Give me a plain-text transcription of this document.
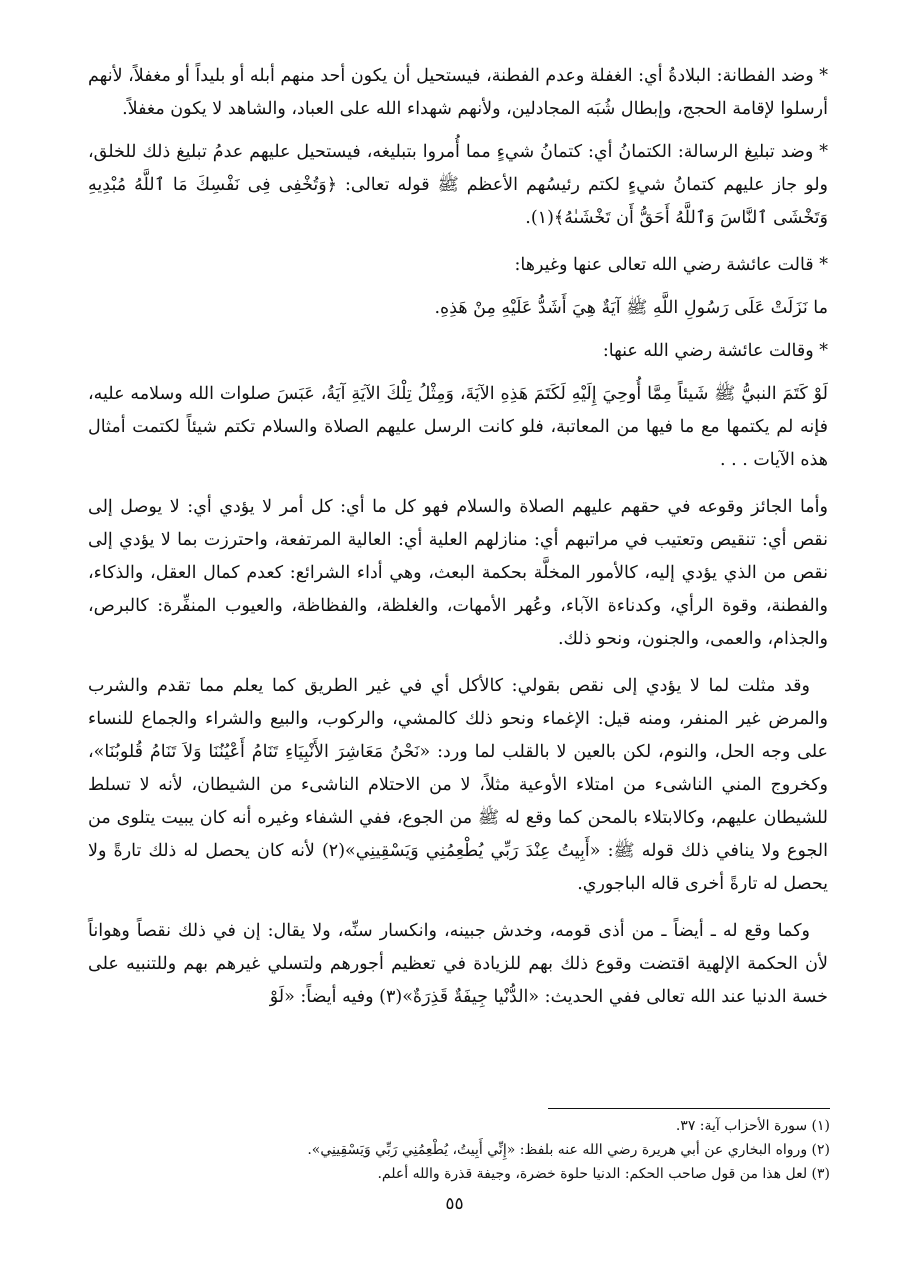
* وضد الفطانة: البلادةُ أي: الغفلة وعدم الفطنة، فيستحيل أن يكون أحد منهم أبله أو بليداً أو مغفلاً، لأنهم أرسلوا لإقامة الحجج، وإبطال شُبَه المجادلين، ولأنهم شهداء الله على العباد، والشاهد لا يكون مغفلاً.

* وضد تبليغ الرسالة: الكتمانُ أي: كتمانُ شيءٍ مما أُمروا بتبليغه، فيستحيل عليهم عدمُ تبليغ ذلك للخلق، ولو جاز عليهم كتمانُ شيءٍ لكتم رئيسُهم الأعظم ﷺ قوله تعالى: ﴿وَتُخْفِى فِى نَفْسِكَ مَا ٱللَّهُ مُبْدِيهِ وَتَخْشَى ٱلنَّاسَ وَٱللَّهُ أَحَقُّ أَن تَخْشَىٰهُ﴾(١).

* قالت عائشة رضي الله تعالى عنها وغيرها:

ما نَزَلَتْ عَلَى رَسُولِ اللَّهِ ﷺ آيَةٌ هِيَ أَشَدُّ عَلَيْهِ مِنْ هَذِهِ.

* وقالت عائشة رضي الله عنها:

لَوْ كَتَمَ النبيُّ ﷺ شَيئاً مِمَّا أُوحِيَ إِلَيْهِ لَكَتَمَ هَذِهِ الآيَةَ، وَمِثْلُ تِلْكَ الآيَةِ آيَةُ، عَبَسَ صلوات الله وسلامه عليه، فإنه لم يكتمها مع ما فيها من المعاتبة، فلو كانت الرسل عليهم الصلاة والسلام تكتم شيئاً لكتمت أمثال هذه الآيات . . .

وأما الجائز وقوعه في حقهم عليهم الصلاة والسلام فهو كل ما أي: كل أمر لا يؤدي أي: لا يوصل إلى نقص أي: تنقيص وتعتيب في مراتبهم أي: منازلهم العلية أي: العالية المرتفعة، واحترزت بما لا يؤدي إلى نقص من الذي يؤدي إليه، كالأمور المخلَّة بحكمة البعث، وهي أداء الشرائع: كعدم كمال العقل، والذكاء، والفطنة، وقوة الرأي، وكدناءة الآباء، وعُهر الأمهات، والغلظة، والفظاظة، والعيوب المنفِّرة: كالبرص، والجذام، والعمى، والجنون، ونحو ذلك.

وقد مثلت لما لا يؤدي إلى نقص بقولي: كالأكل أي في غير الطريق كما يعلم مما تقدم والشرب والمرض غير المنفر، ومنه قيل: الإغماء ونحو ذلك كالمشي، والركوب، والبيع والشراء والجماع للنساء على وجه الحل، والنوم، لكن بالعين لا بالقلب لما ورد: «نَحْنُ مَعَاشِرَ الأَنْبِيَاءِ تَنَامُ أَعْيُنُنَا وَلاَ تَنَامُ قُلوبُنَا»، وكخروج المني الناشىء من امتلاء الأوعية مثلاً، لا من الاحتلام الناشىء من الشيطان، لأنه لا تسلط للشيطان عليهم، وكالابتلاء بالمحن كما وقع له ﷺ من الجوع، ففي الشفاء وغيره أنه كان يبيت يتلوى من الجوع ولا ينافي ذلك قوله ﷺ: «أَبِيتُ عِنْدَ رَبِّي يُطْعِمُنِي وَيَسْقِينِي»(٢) لأنه كان يحصل له ذلك تارةً ولا يحصل له تارةً أخرى قاله الباجوري.

وكما وقع له ـ أيضاً ـ من أذى قومه، وخدش جبينه، وانكسار سنِّه، ولا يقال: إن في ذلك نقصاً وهواناً لأن الحكمة الإلهية اقتضت وقوع ذلك بهم للزيادة في تعظيم أجورهم ولتسلي غيرهم بهم وللتنبيه على خسة الدنيا عند الله تعالى ففي الحديث: «الدُّنْيا جِيفَةٌ قَذِرَةٌ»(٣) وفيه أيضاً: «لَوْ

(١) سورة الأحزاب آية: ٣٧.

(٢) ورواه البخاري عن أبي هريرة رضي الله عنه بلفظ: «إِنِّي أَبِيتُ، يُطْعِمُنِي رَبِّي وَيَسْقِينِي».

(٣) لعل هذا من قول صاحب الحكم: الدنيا حلوة خضرة، وجيفة قذرة والله أعلم.

٥٥
